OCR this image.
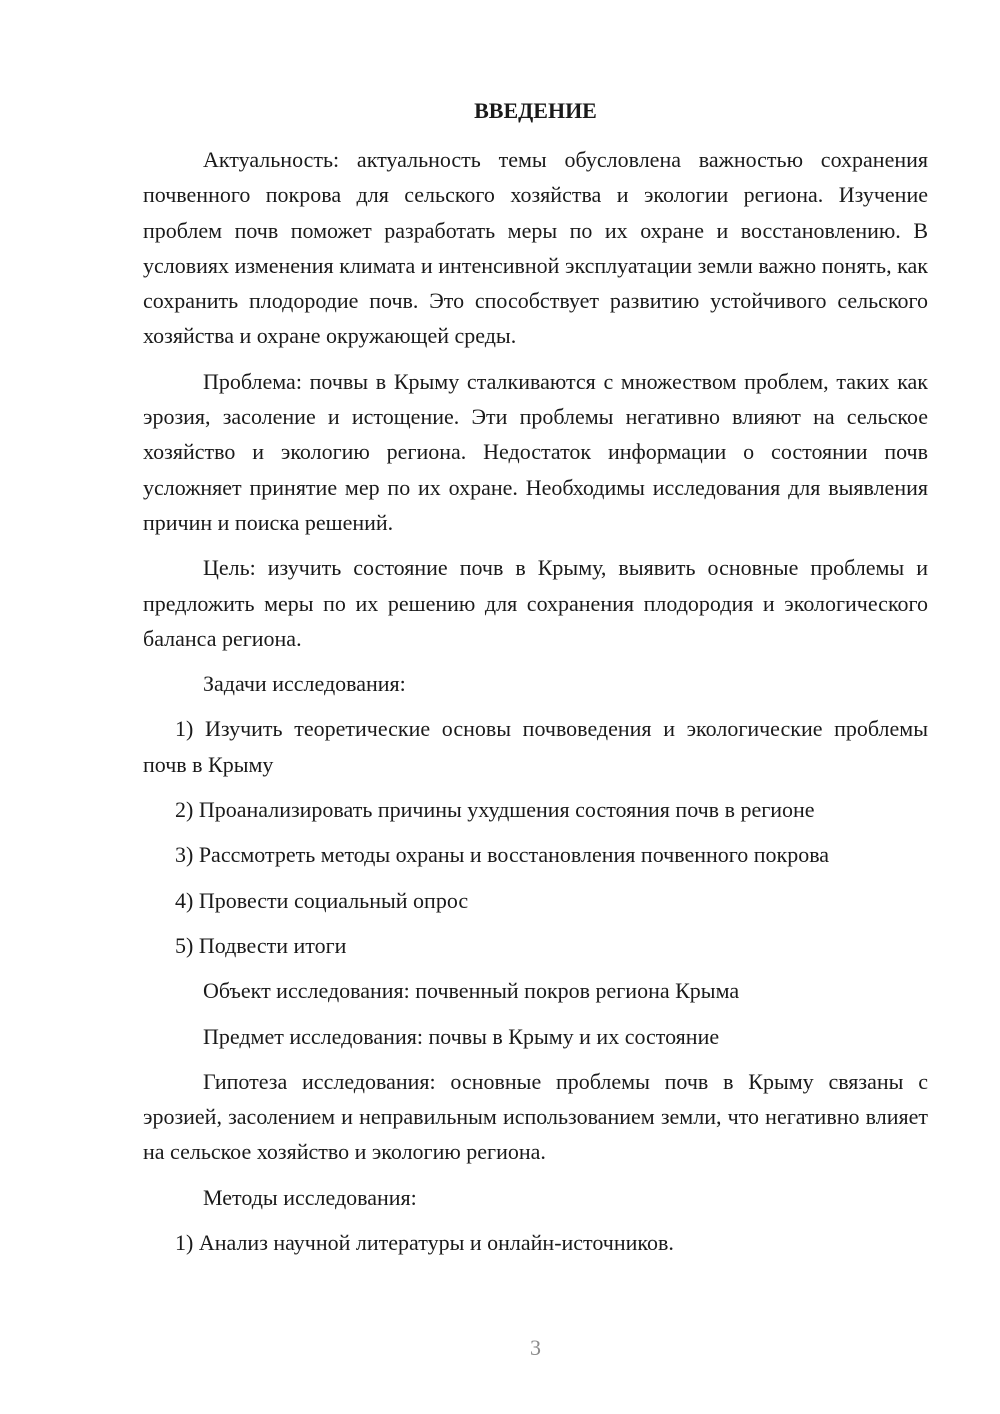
ВВЕДЕНИЕ

Актуальность: актуальность темы обусловлена важностью сохранения почвенного покрова для сельского хозяйства и экологии региона. Изучение проблем почв поможет разработать меры по их охране и восстановлению. В условиях изменения климата и интенсивной эксплуатации земли важно понять, как сохранить плодородие почв. Это способствует развитию устойчивого сельского хозяйства и охране окружающей среды.

Проблема: почвы в Крыму сталкиваются с множеством проблем, таких как эрозия, засоление и истощение. Эти проблемы негативно влияют на сельское хозяйство и экологию региона. Недостаток информации о состоянии почв усложняет принятие мер по их охране. Необходимы исследования для выявления причин и поиска решений.

Цель: изучить состояние почв в Крыму, выявить основные проблемы и предложить меры по их решению для сохранения плодородия и экологического баланса региона.

Задачи исследования:

1) Изучить теоретические основы почвоведения и экологические проблемы почв в Крыму

2) Проанализировать причины ухудшения состояния почв в регионе

3) Рассмотреть методы охраны и восстановления почвенного покрова

4) Провести социальный опрос

5) Подвести итоги

Объект исследования: почвенный покров региона Крыма

Предмет исследования: почвы в Крыму и их состояние

Гипотеза исследования: основные проблемы почв в Крыму связаны с эрозией, засолением и неправильным использованием земли, что негативно влияет на сельское хозяйство и экологию региона.

Методы исследования:

1) Анализ научной литературы и онлайн-источников.

3
